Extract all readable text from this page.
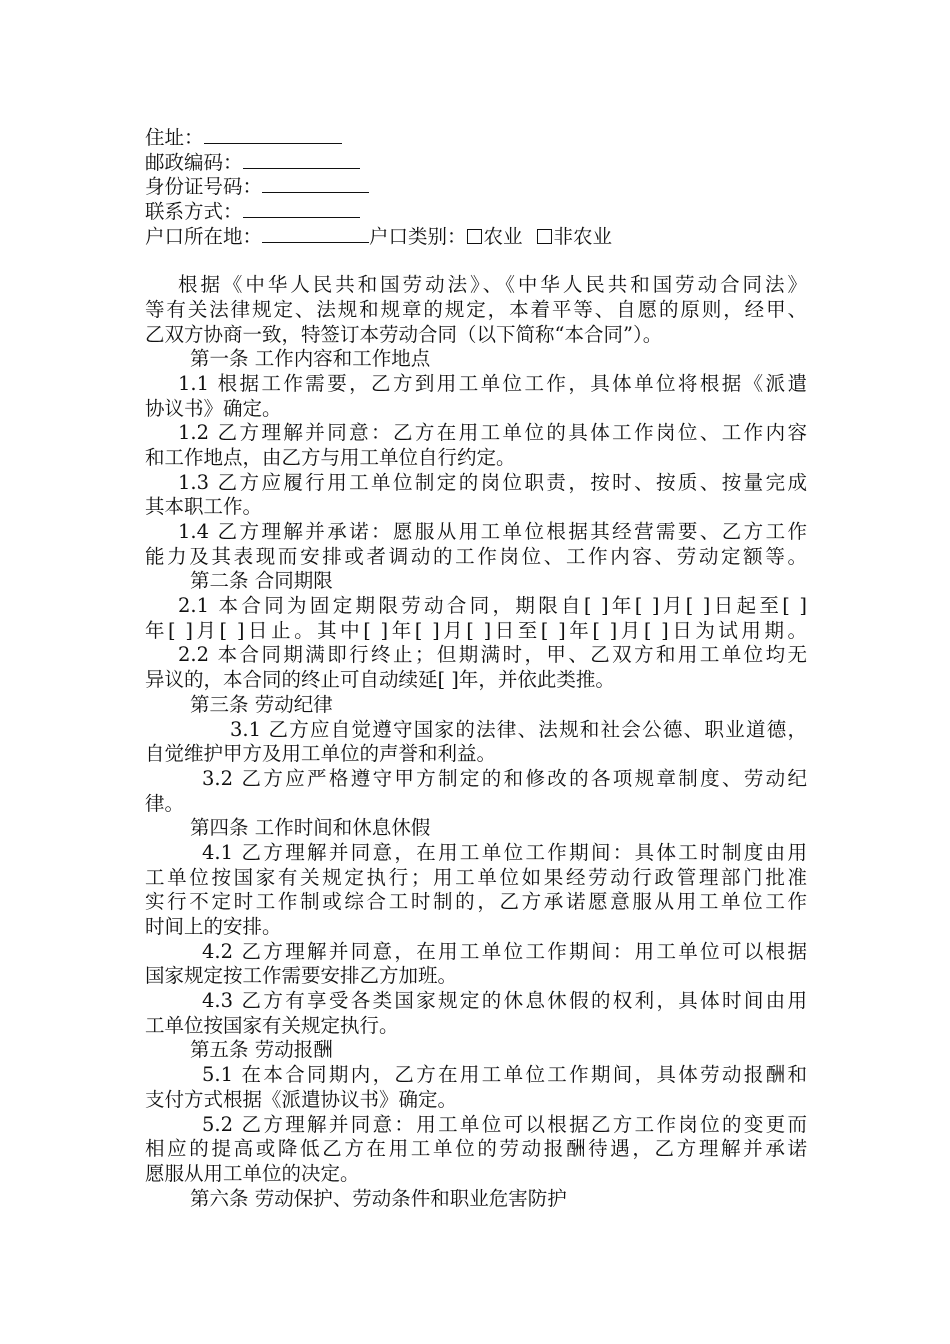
住址：
邮政编码：
身份证号码：
联系方式：
户口所在地：	户口类别： 农业 非农业
根据《中华人民共和国劳动法》、《中华人民共和国劳动合同法》
等有关法律规定、法规和规章的规定，本着平等、自愿的原则，经甲、
乙双方协商一致，特签订本劳动合同（以下简称“本合同”）。
第一条 工作内容和工作地点
1.1 根据工作需要，乙方到用工单位工作，具体单位将根据《派遣
协议书》确定。
1.2 乙方理解并同意：乙方在用工单位的具体工作岗位、工作内容
和工作地点，由乙方与用工单位自行约定。
1.3 乙方应履行用工单位制定的岗位职责，按时、按质、按量完成
其本职工作。
1.4 乙方理解并承诺：愿服从用工单位根据其经营需要、乙方工作
能力及其表现而安排或者调动的工作岗位、工作内容、劳动定额等。
第二条 合同期限
2.1 本合同为固定期限劳动合同，期限自[ ]年[ ]月[ ]日起至[ ]
年[ ]月[ ]日止。其中[ ]年[ ]月[ ]日至[ ]年[ ]月[ ]日为试用期。
2.2 本合同期满即行终止；但期满时，甲、乙双方和用工单位均无
异议的，本合同的终止可自动续延[ ]年，并依此类推。
第三条 劳动纪律
3.1 乙方应自觉遵守国家的法律、法规和社会公德、职业道德，
自觉维护甲方及用工单位的声誉和利益。
3.2 乙方应严格遵守甲方制定的和修改的各项规章制度、劳动纪
律。
第四条 工作时间和休息休假
4.1 乙方理解并同意，在用工单位工作期间：具体工时制度由用
工单位按国家有关规定执行；用工单位如果经劳动行政管理部门批准
实行不定时工作制或综合工时制的，乙方承诺愿意服从用工单位工作
时间上的安排。
4.2 乙方理解并同意，在用工单位工作期间：用工单位可以根据
国家规定按工作需要安排乙方加班。
4.3 乙方有享受各类国家规定的休息休假的权利，具体时间由用
工单位按国家有关规定执行。
第五条 劳动报酬
5.1 在本合同期内，乙方在用工单位工作期间，具体劳动报酬和
支付方式根据《派遣协议书》确定。
5.2 乙方理解并同意：用工单位可以根据乙方工作岗位的变更而
相应的提高或降低乙方在用工单位的劳动报酬待遇，乙方理解并承诺
愿服从用工单位的决定。
第六条 劳动保护、劳动条件和职业危害防护
